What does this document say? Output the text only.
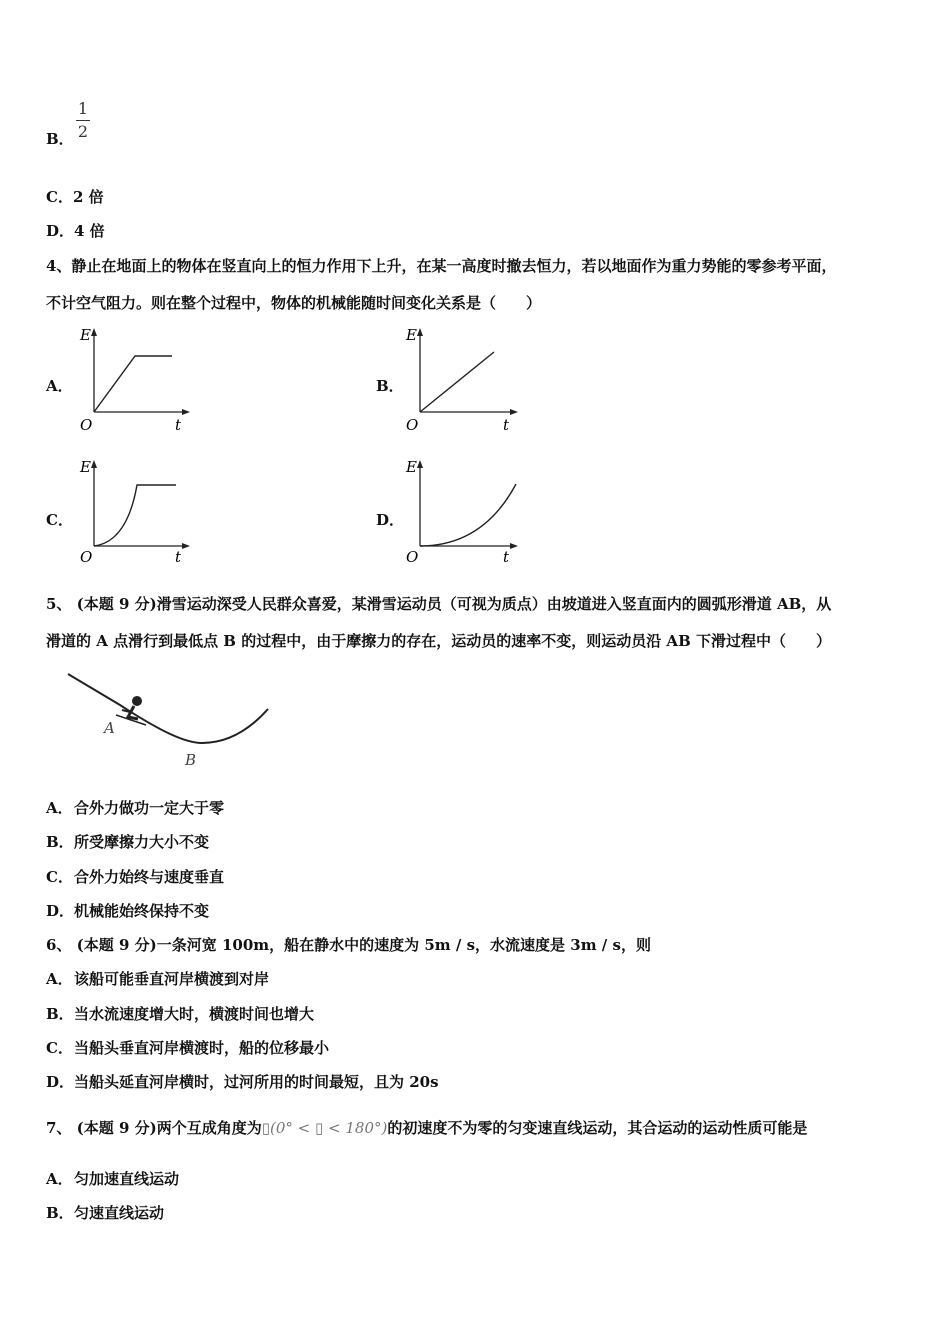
B．
1
2
C．2 倍
D．4 倍
4、静止在地面上的物体在竖直向上的恒力作用下上升，在某一高度时撤去恒力，若以地面作为重力势能的零参考平面，
不计空气阻力。则在整个过程中，物体的机械能随时间变化关系是（　　）
A．
E
O	t
B．
E
O	t
C．
E
O	t
D．
E
O	t
5、 (本题 9 分)滑雪运动深受人民群众喜爱，某滑雪运动员（可视为质点）由坡道进入竖直面内的圆弧形滑道 AB，从
滑道的 A 点滑行到最低点 B 的过程中，由于摩擦力的存在，运动员的速率不变，则运动员沿 AB 下滑过程中（　　）
A
B
A．合外力做功一定大于零
B．所受摩擦力大小不变
C．合外力始终与速度垂直
D．机械能始终保持不变
6、 (本题 9 分)一条河宽 100m，船在静水中的速度为 5m / s，水流速度是 3m / s，则
A．该船可能垂直河岸横渡到对岸
B．当水流速度增大时，横渡时间也增大
C．当船头垂直河岸横渡时，船的位移最小
D．当船头延直河岸横时，过河所用的时间最短，且为 20s
7、 (本题 9 分)两个互成角度为▯(0° < ▯ < 180°)的初速度不为零的匀变速直线运动，其合运动的运动性质可能是
A．匀加速直线运动
B．匀速直线运动
